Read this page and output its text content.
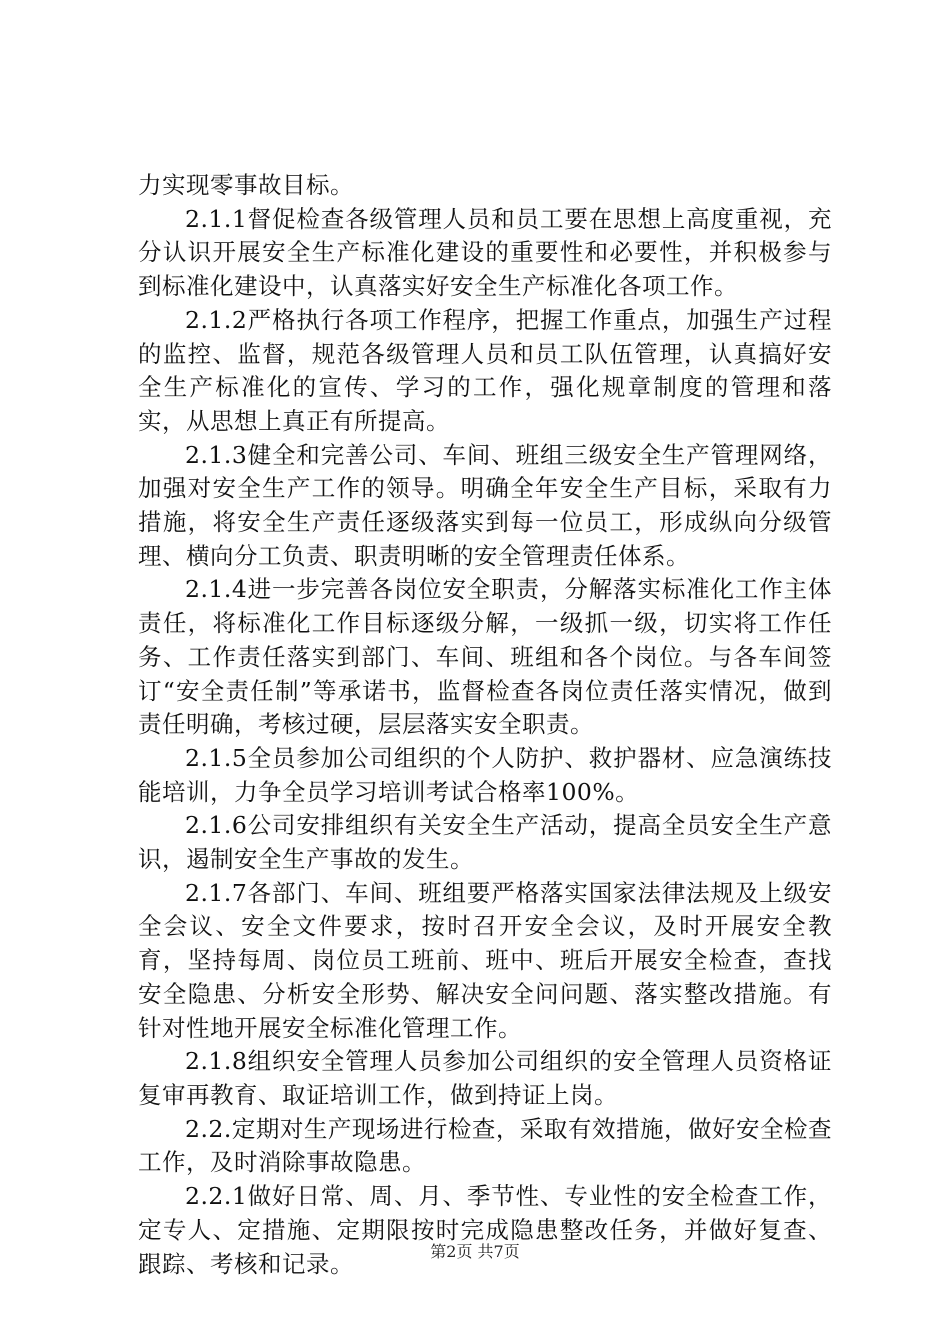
力实现零事故目标。

2.1.1督促检查各级管理人员和员工要在思想上高度重视，充分认识开展安全生产标准化建设的重要性和必要性，并积极参与到标准化建设中，认真落实好安全生产标准化各项工作。

2.1.2严格执行各项工作程序，把握工作重点，加强生产过程的监控、监督，规范各级管理人员和员工队伍管理，认真搞好安全生产标准化的宣传、学习的工作，强化规章制度的管理和落实，从思想上真正有所提高。

2.1.3健全和完善公司、车间、班组三级安全生产管理网络，加强对安全生产工作的领导。明确全年安全生产目标，采取有力措施，将安全生产责任逐级落实到每一位员工，形成纵向分级管理、横向分工负责、职责明晰的安全管理责任体系。

2.1.4进一步完善各岗位安全职责，分解落实标准化工作主体责任，将标准化工作目标逐级分解，一级抓一级，切实将工作任务、工作责任落实到部门、车间、班组和各个岗位。与各车间签订“安全责任制”等承诺书，监督检查各岗位责任落实情况，做到责任明确，考核过硬，层层落实安全职责。

2.1.5全员参加公司组织的个人防护、救护器材、应急演练技能培训，力争全员学习培训考试合格率100%。

2.1.6公司安排组织有关安全生产活动，提高全员安全生产意识，遏制安全生产事故的发生。

2.1.7各部门、车间、班组要严格落实国家法律法规及上级安全会议、安全文件要求，按时召开安全会议，及时开展安全教育，坚持每周、岗位员工班前、班中、班后开展安全检查，查找安全隐患、分析安全形势、解决安全问问题、落实整改措施。有针对性地开展安全标准化管理工作。

2.1.8组织安全管理人员参加公司组织的安全管理人员资格证复审再教育、取证培训工作，做到持证上岗。

2.2.定期对生产现场进行检查，采取有效措施，做好安全检查工作，及时消除事故隐患。

2.2.1做好日常、周、月、季节性、专业性的安全检查工作，定专人、定措施、定期限按时完成隐患整改任务，并做好复查、跟踪、考核和记录。	第2页 共7页
